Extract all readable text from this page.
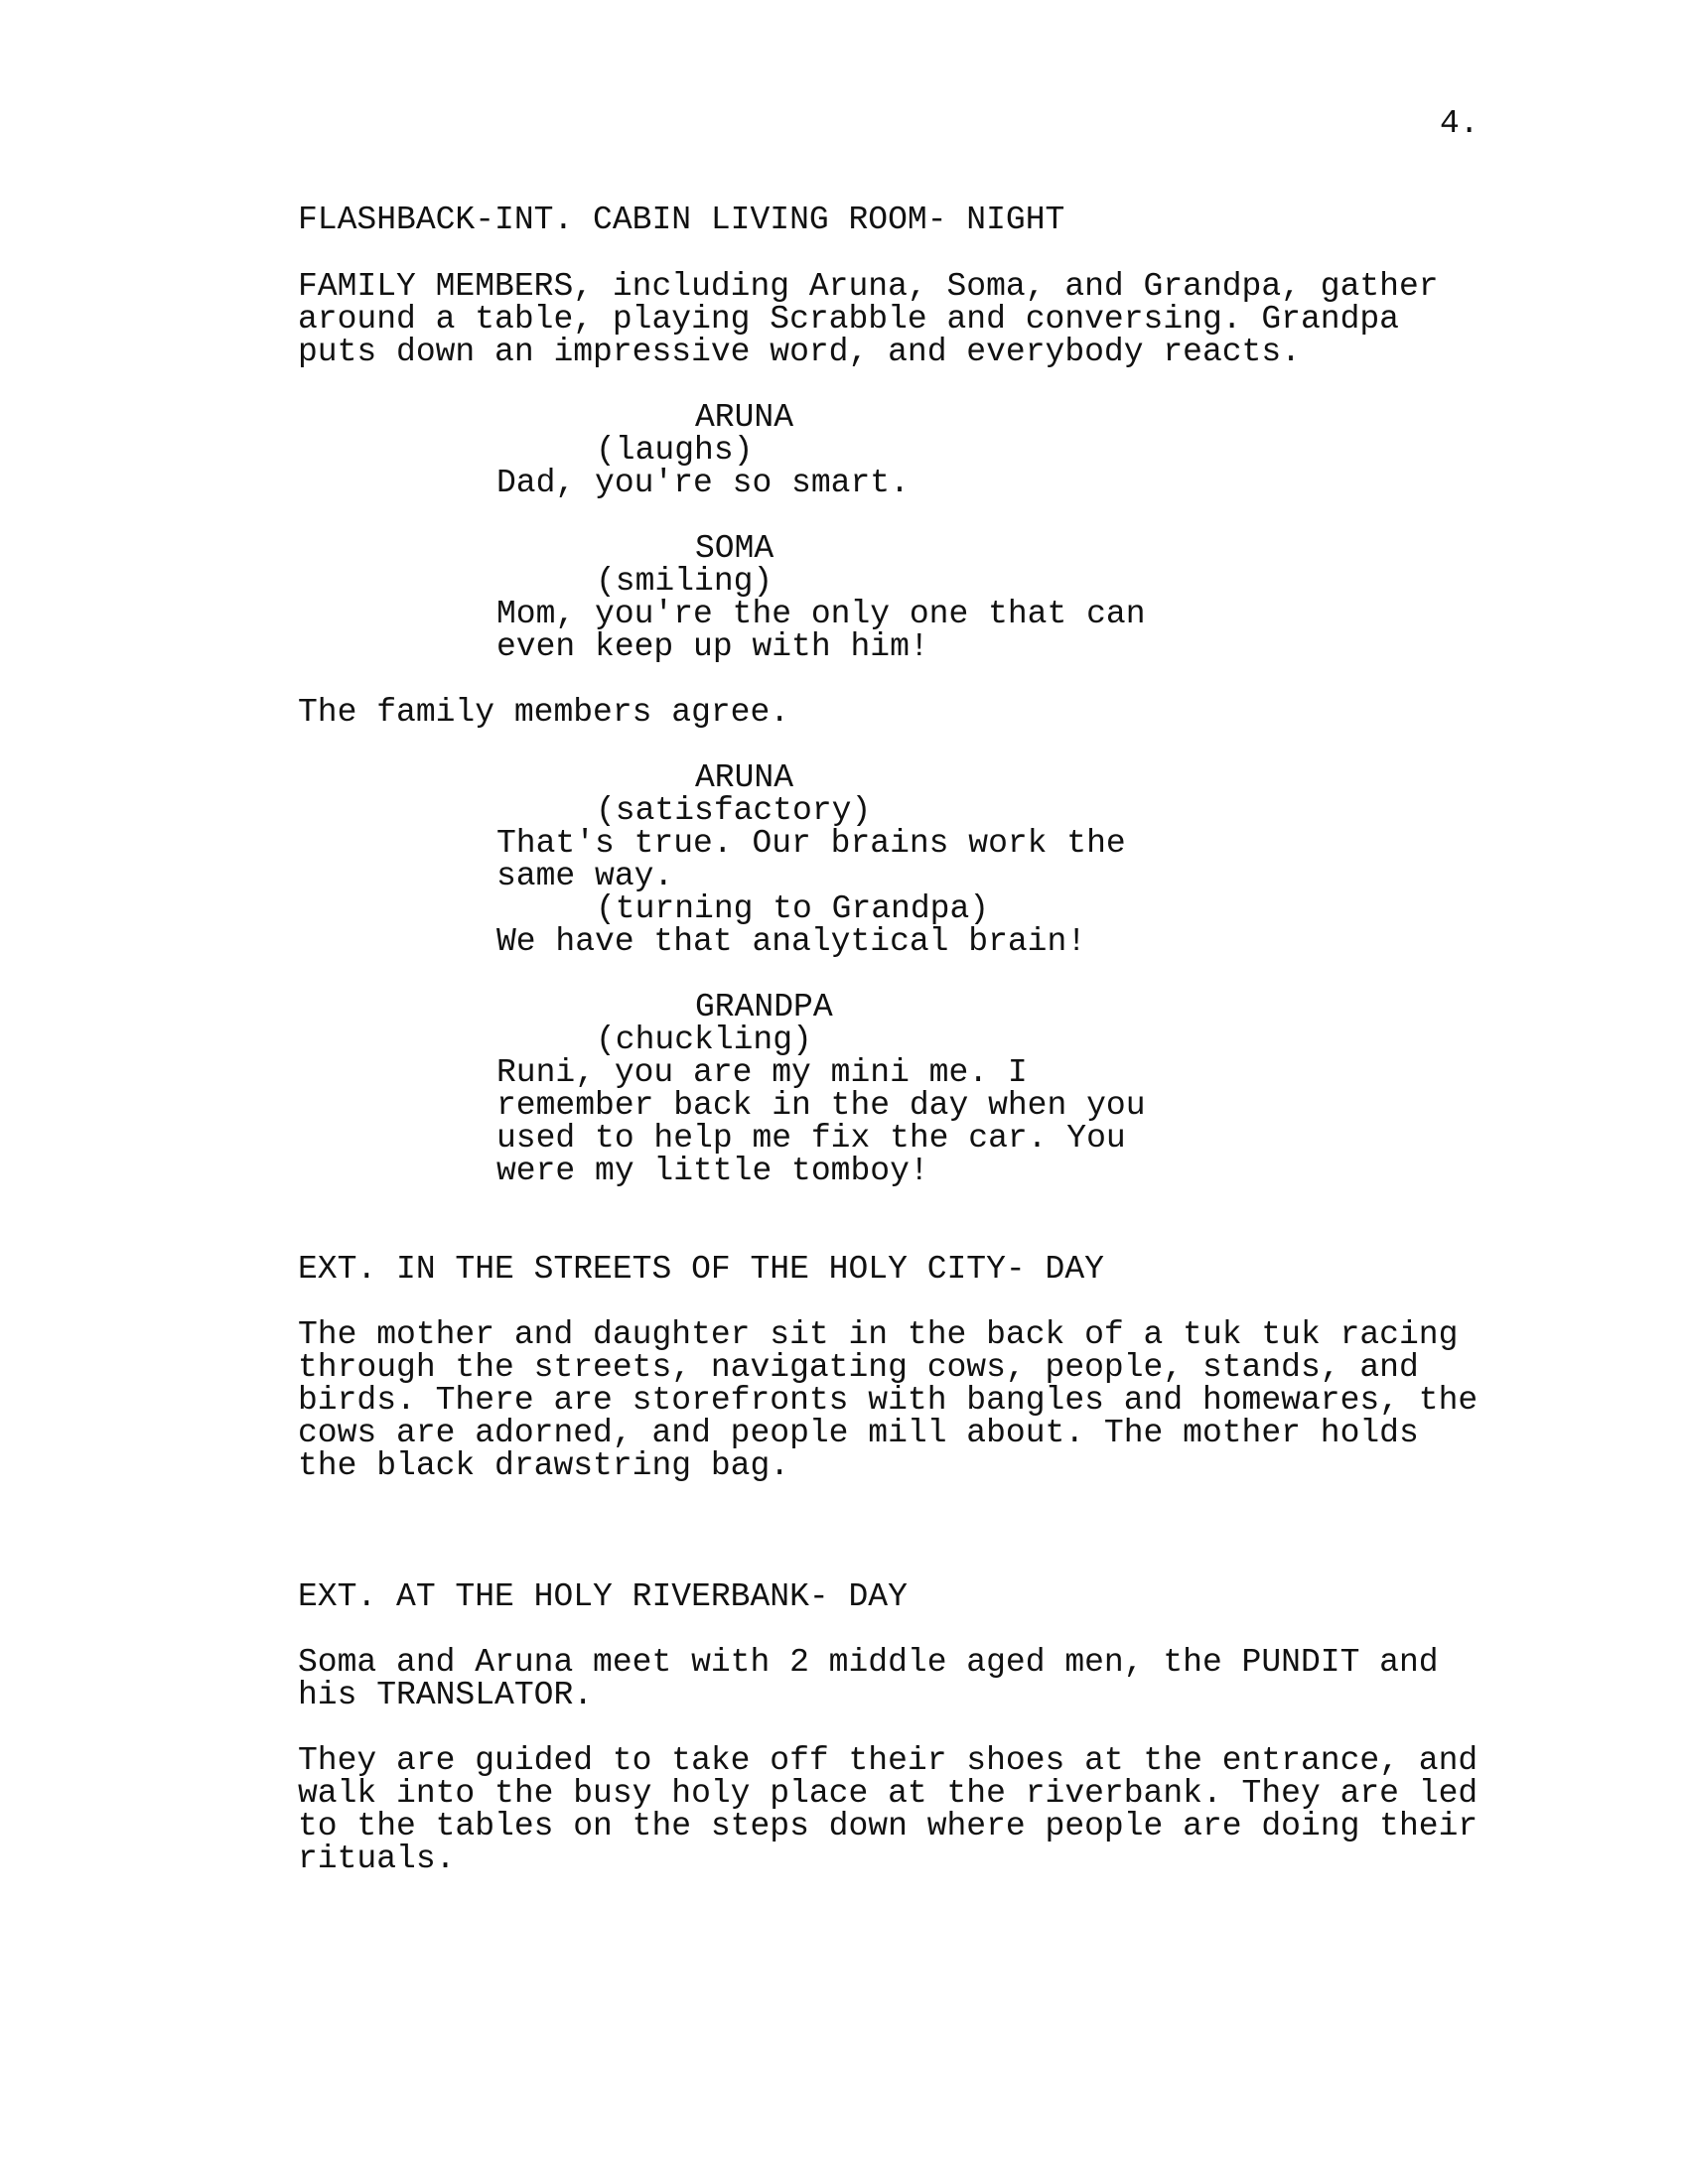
4.
FLASHBACK-INT. CABIN LIVING ROOM- NIGHT
FAMILY MEMBERS, including Aruna, Soma, and Grandpa, gather
around a table, playing Scrabble and conversing. Grandpa
puts down an impressive word, and everybody reacts.
ARUNA
(laughs)
Dad, you're so smart.
SOMA
(smiling)
Mom, you're the only one that can
even keep up with him!
The family members agree.
ARUNA
(satisfactory)
That's true. Our brains work the
same way.
(turning to Grandpa)
We have that analytical brain!
GRANDPA
(chuckling)
Runi, you are my mini me. I
remember back in the day when you
used to help me fix the car. You
were my little tomboy!
EXT. IN THE STREETS OF THE HOLY CITY- DAY
The mother and daughter sit in the back of a tuk tuk racing
through the streets, navigating cows, people, stands, and
birds. There are storefronts with bangles and homewares, the
cows are adorned, and people mill about. The mother holds
the black drawstring bag.
EXT. AT THE HOLY RIVERBANK- DAY
Soma and Aruna meet with 2 middle aged men, the PUNDIT and
his TRANSLATOR.
They are guided to take off their shoes at the entrance, and
walk into the busy holy place at the riverbank. They are led
to the tables on the steps down where people are doing their
rituals.
